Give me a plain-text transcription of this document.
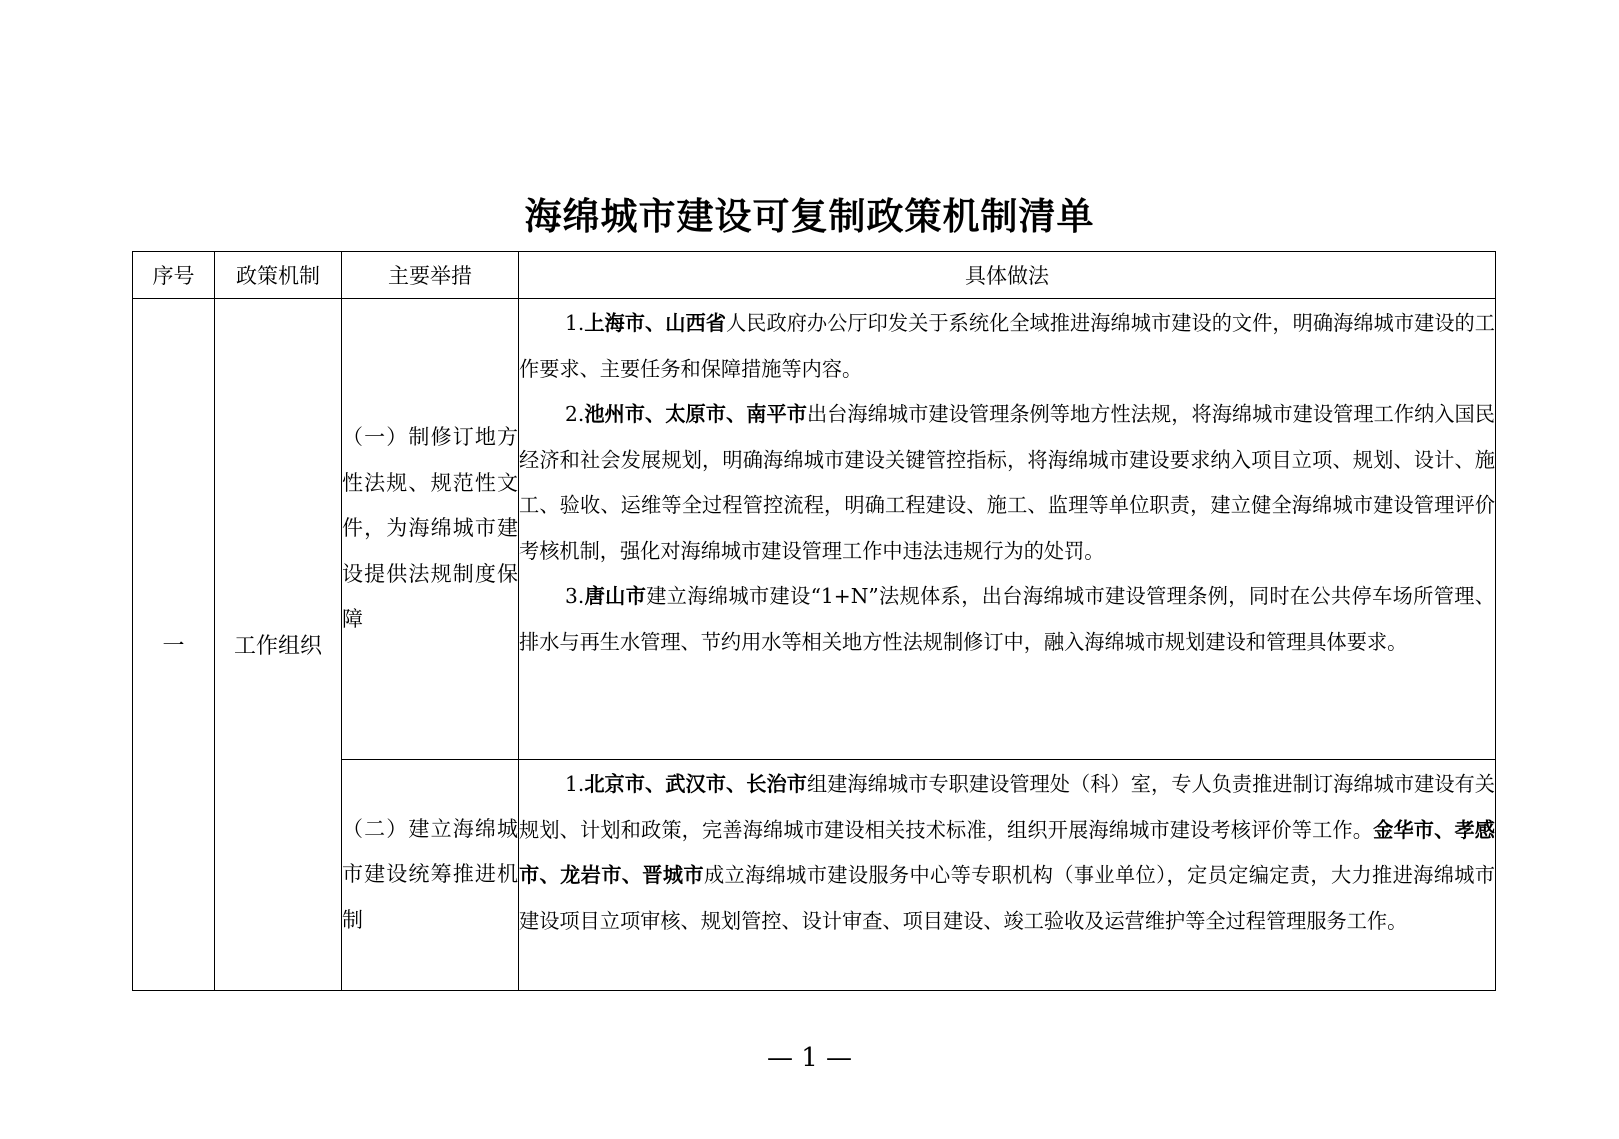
海绵城市建设可复制政策机制清单
序号	政策机制	主要举措	具体做法
一	工作组织	（一）制修订地方性法规、规范性文件，为海绵城市建设提供法规制度保障	1.上海市、山西省人民政府办公厅印发关于系统化全域推进海绵城市建设的文件，明确海绵城市建设的工作要求、主要任务和保障措施等内容。

2.池州市、太原市、南平市出台海绵城市建设管理条例等地方性法规，将海绵城市建设管理工作纳入国民经济和社会发展规划，明确海绵城市建设关键管控指标，将海绵城市建设要求纳入项目立项、规划、设计、施工、验收、运维等全过程管控流程，明确工程建设、施工、监理等单位职责，建立健全海绵城市建设管理评价考核机制，强化对海绵城市建设管理工作中违法违规行为的处罚。

3.唐山市建立海绵城市建设“1+N”法规体系，出台海绵城市建设管理条例，同时在公共停车场所管理、排水与再生水管理、节约用水等相关地方性法规制修订中，融入海绵城市规划建设和管理具体要求。

		（二）建立海绵城市建设统筹推进机制	1.北京市、武汉市、长治市组建海绵城市专职建设管理处（科）室，专人负责推进制订海绵城市建设有关规划、计划和政策，完善海绵城市建设相关技术标准，组织开展海绵城市建设考核评价等工作。金华市、孝感市、龙岩市、晋城市成立海绵城市建设服务中心等专职机构（事业单位），定员定编定责，大力推进海绵城市建设项目立项审核、规划管控、设计审查、项目建设、竣工验收及运营维护等全过程管理服务工作。

— 1 —
